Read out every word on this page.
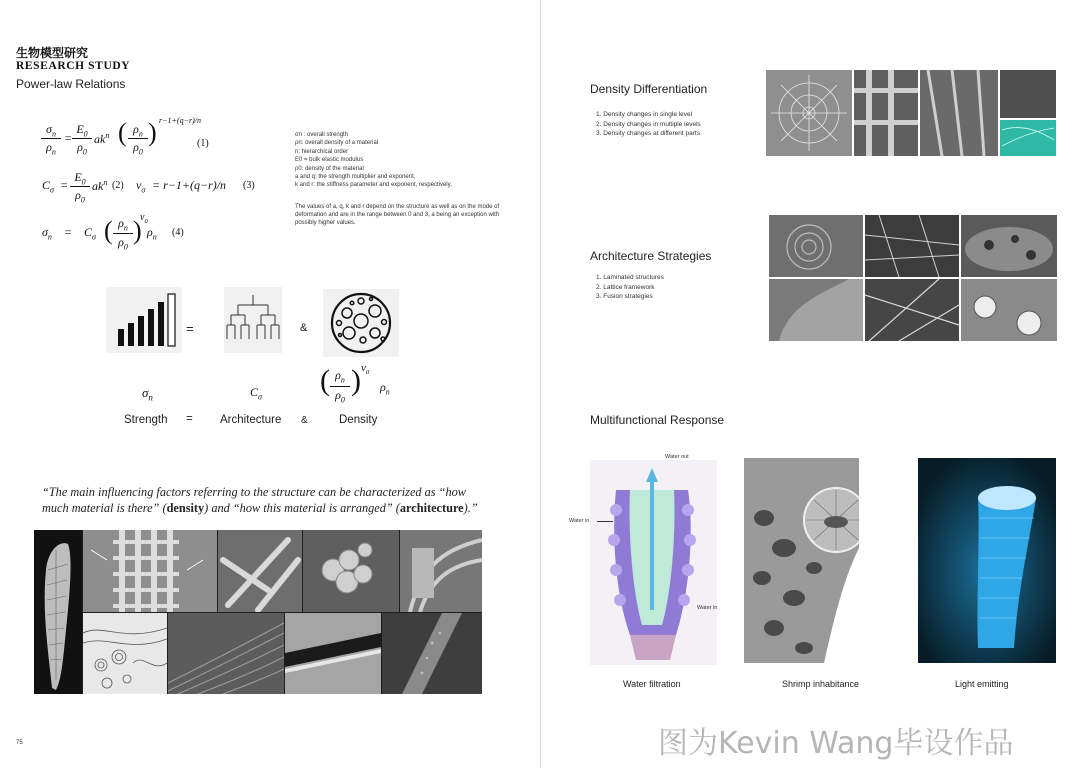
生物模型研究
RESEARCH STUDY
Power-law Relations
$\sigma_n$
$\rho_n$
=
$E_0$
$\rho_0$
$ak^n$ ( $\rho_n$
$\rho_0$
) r−1+(q−r)/n
(1)
$C_\sigma$ =
$E_0$
$\rho_0$
$ak^n$ (2) $v_\sigma = r-1+(q-r)/n$ (3)
$\sigma_n = C_\sigma$ ( $\rho_n$
$\rho_0$
)
$v_\sigma$
$\rho_n$ (4)
σn : overall strength
ρn: overall density of a material
n: hierarchical order
E0 = bulk elastic modulus
ρ0: density of the material
a and q: the strength multiplier and exponent,
k and r: the stiffness parameter and exponent, respectively.
The values of a, q, k and r depend on the structure as well as on the mode of deformation and are in the range between 0 and 3, a being an exception with possibly higher values.
=	&
$\sigma_n$	$C_\sigma$ ( $\rho_n$
$\rho_0$
) $v_\sigma$
$\rho_n$
Strength = Architecture &	Density
“The main influencing factors referring to the structure can be characterized as “how much material is there” (density) and “how this material is arranged” (architecture).”
75
Density Differentiation
1. Density changes in single level
2. Density changes in multiple levels
3. Density changes at different parts
Architecture Strategies
1. Laminated structures
2. Lattice framework
3. Fusion strategies
Multifunctional Response
Water out
Water in
Water in
Water filtration	Shrimp inhabitance	Light emitting
图为Kevin Wang毕设作品
